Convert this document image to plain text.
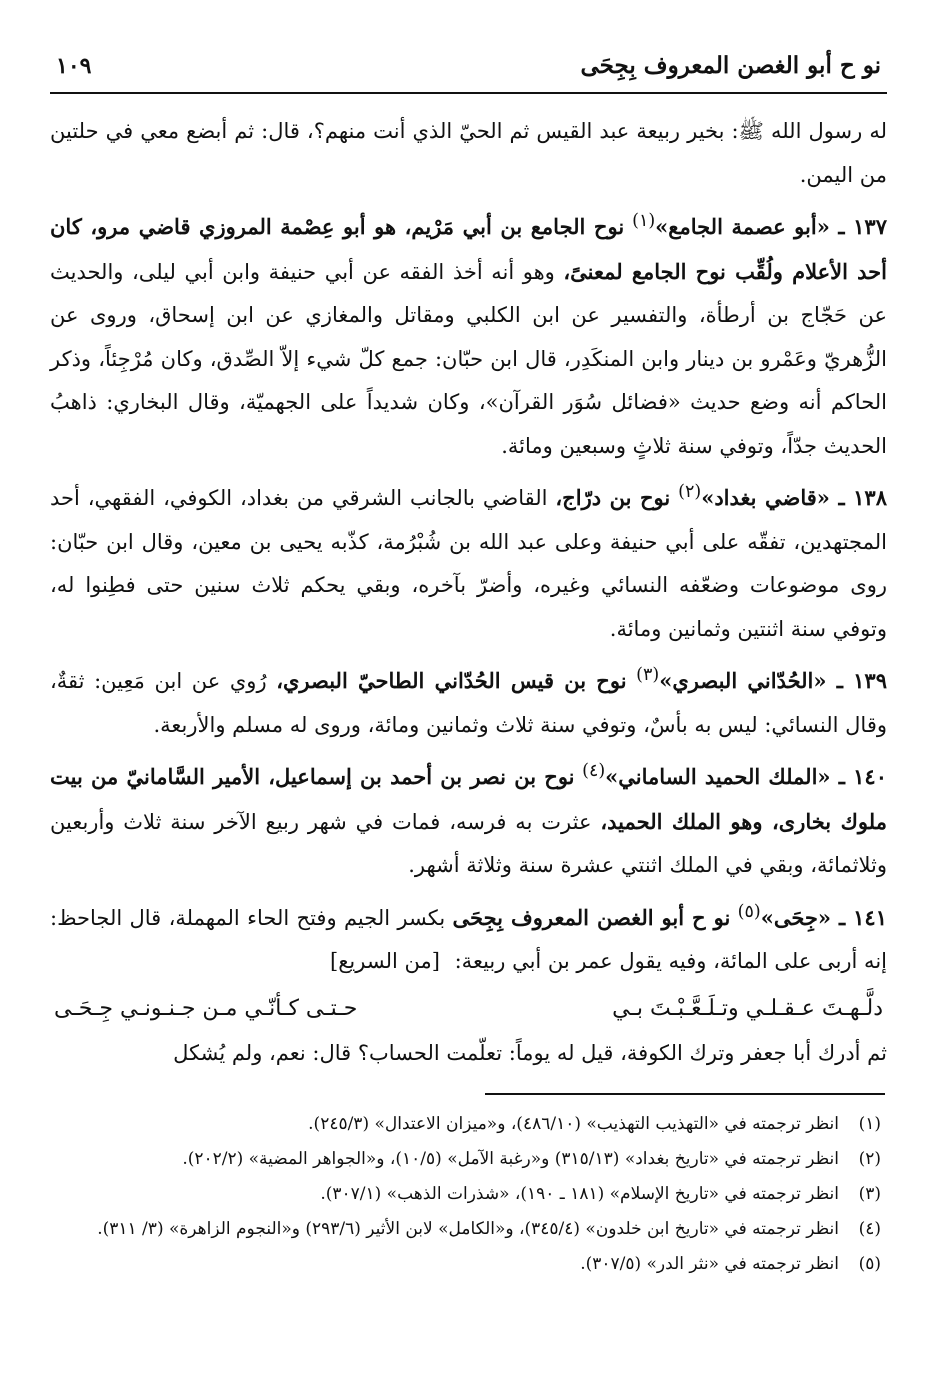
نو ح أبو الغصن المعروف بِجِحَى
١٠٩

له رسول الله ﷺ: بخير ربيعة عبد القيس ثم الحيّ الذي أنت منهم؟، قال: ثم أبضع معي في حلتين من اليمن.

١٣٧ ـ «أبو عصمة الجامع»$^{(١)}$ نوح الجامع بن أبي مَرْيم، هو أبو عِصْمة المروزي قاضي مرو، كان أحد الأعلام ولُقِّب نوح الجامع لمعنىً، وهو أنه أخذ الفقه عن أبي حنيفة وابن أبي ليلى، والحديث عن حَجّاج بن أرطأة، والتفسير عن ابن الكلبي ومقاتل والمغازي عن ابن إسحاق، وروى عن الزُّهريّ وعَمْرو بن دينار وابن المنكَدِر، قال ابن حبّان: جمع كلّ شيء إلاّ الصِّدق، وكان مُرْجِئاً، وذكر الحاكم أنه وضع حديث «فضائل سُوَر القرآن»، وكان شديداً على الجهميّة، وقال البخاري: ذاهبُ الحديث جدّاً، وتوفي سنة ثلاثٍ وسبعين ومائة.

١٣٨ ـ «قاضي بغداد»$^{(٢)}$ نوح بن درّاج، القاضي بالجانب الشرقي من بغداد، الكوفي، الفقهي، أحد المجتهدين، تفقّه على أبي حنيفة وعلى عبد الله بن شُبْرُمة، كذّبه يحيى بن معين، وقال ابن حبّان: روى موضوعات وضعّفه النسائي وغيره، وأضرّ بآخره، وبقي يحكم ثلاث سنين حتى فطِنوا له، وتوفي سنة اثنتين وثمانين ومائة.

١٣٩ ـ «الحُدّاني البصري»$^{(٣)}$ نوح بن قيس الحُدّاني الطاحيّ البصري، رُوي عن ابن مَعِين: ثقةٌ، وقال النسائي: ليس به بأسٌ، وتوفي سنة ثلاث وثمانين ومائة، وروى له مسلم والأربعة.

١٤٠ ـ «الملك الحميد الساماني»$^{(٤)}$ نوح بن نصر بن أحمد بن إسماعيل، الأمير السَّامانيّ من بيت ملوك بخارى، وهو الملك الحميد، عثرت به فرسه، فمات في شهر ربيع الآخر سنة ثلاث وأربعين وثلاثمائة، وبقي في الملك اثنتي عشرة سنة وثلاثة أشهر.

١٤١ ـ «جِحَى»$^{(٥)}$ نو ح أبو الغصن المعروف بِجِحَى بكسر الجيم وفتح الحاء المهملة، قال الجاحظ: إنه أربى على المائة، وفيه يقول عمر بن أبي ربيعة: [من السريع]

دلَّـهـتَ عـقـلـي وتـلَـعَّـبْـتَ بـي
حـتـى كـأنّـي مـن جـنـونـي جِـحَـى

ثم أدرك أبا جعفر وترك الكوفة، قيل له يوماً: تعلّمت الحساب؟ قال: نعم، ولم يُشكل

(١)
انظر ترجمته في «التهذيب التهذيب» (٤٨٦/١٠)، و«ميزان الاعتدال» (٢٤٥/٣).
(٢)
انظر ترجمته في «تاريخ بغداد» (٣١٥/١٣) و«رغبة الآمل» (١٠/٥)، و«الجواهر المضية» (٢٠٢/٢).
(٣)
انظر ترجمته في «تاريخ الإسلام» (١٨١ ـ ١٩٠)، «شذرات الذهب» (٣٠٧/١).
(٤)
انظر ترجمته في «تاريخ ابن خلدون» (٣٤٥/٤)، و«الكامل» لابن الأثير (٢٩٣/٦) و«النجوم الزاهرة» (٣/ ٣١١).
(٥)
انظر ترجمته في «نثر الدر» (٣٠٧/٥).
